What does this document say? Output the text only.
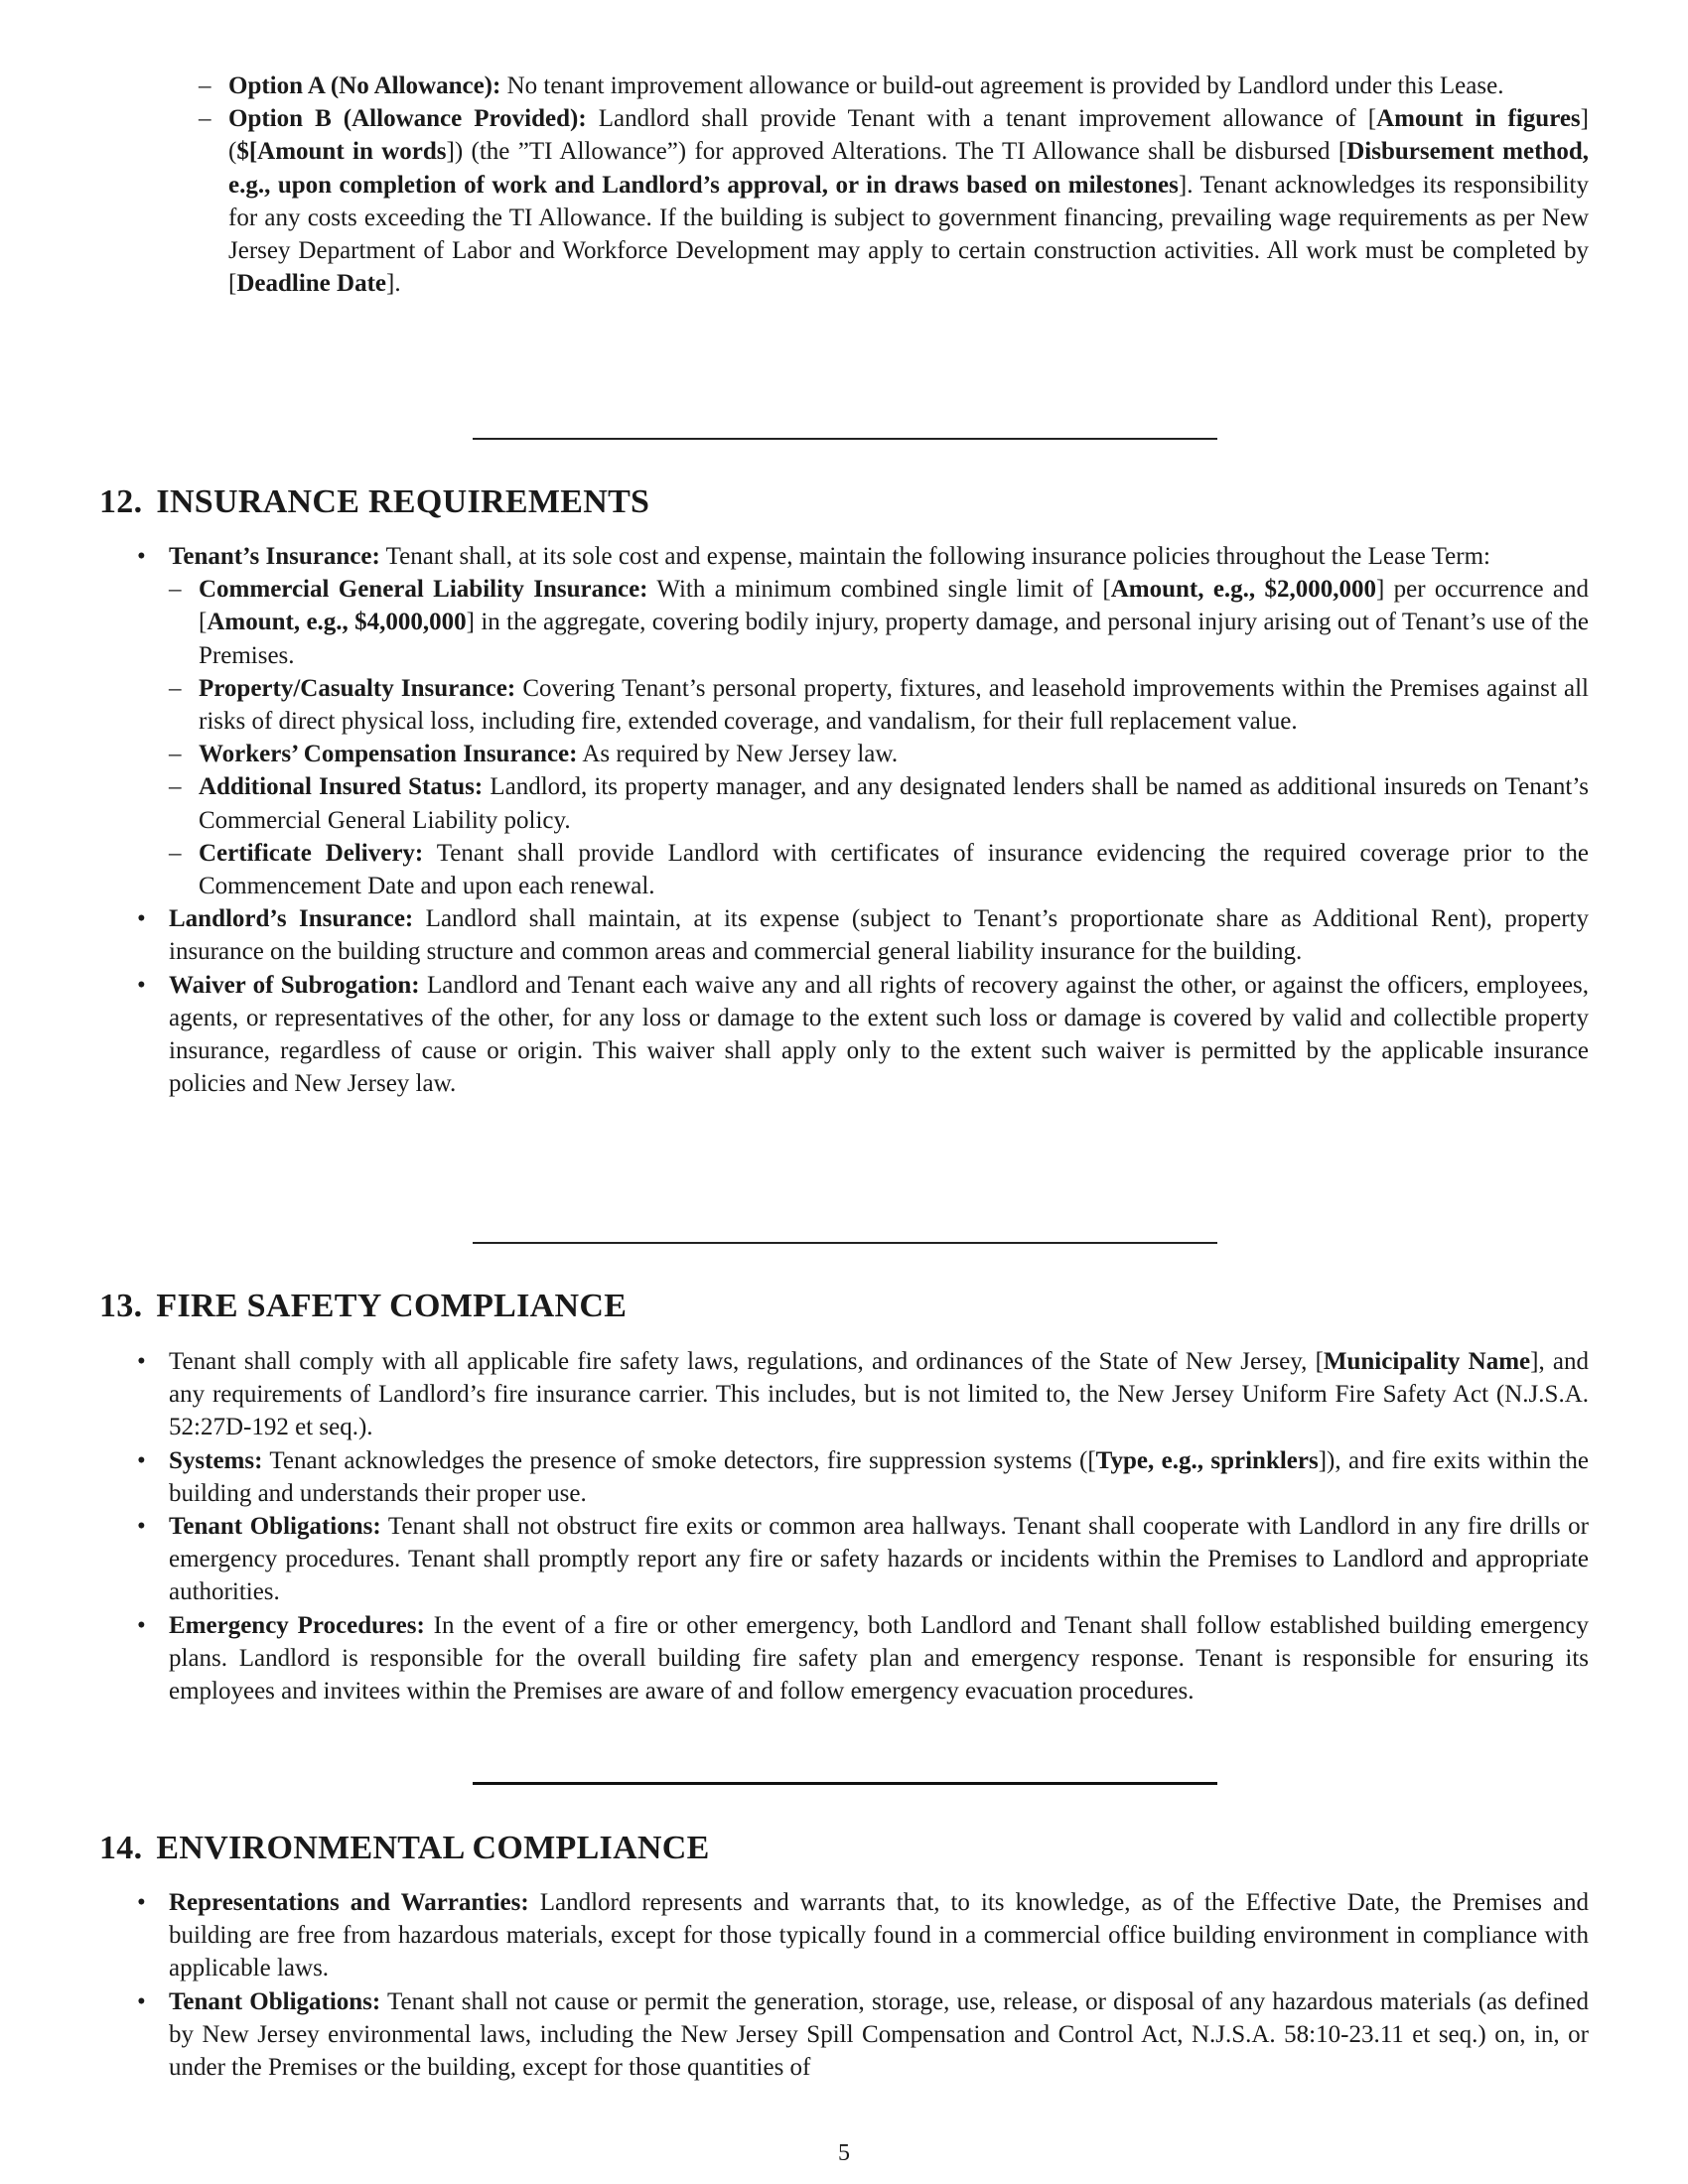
– Option A (No Allowance): No tenant improvement allowance or build-out agreement is provided by Landlord under this Lease.
– Option B (Allowance Provided): Landlord shall provide Tenant with a tenant improvement allowance of [Amount in figures] ($[Amount in words]) (the ”TI Allowance”) for approved Alterations. The TI Allowance shall be disbursed [Disbursement method, e.g., upon completion of work and Landlord’s approval, or in draws based on milestones]. Tenant acknowledges its responsibility for any costs exceeding the TI Allowance. If the building is subject to government financing, prevailing wage requirements as per New Jersey Department of Labor and Workforce Development may apply to certain construction activities. All work must be completed by [Deadline Date].
12. INSURANCE REQUIREMENTS
• Tenant’s Insurance: Tenant shall, at its sole cost and expense, maintain the following insurance policies throughout the Lease Term:
– Commercial General Liability Insurance: With a minimum combined single limit of [Amount, e.g., $2,000,000] per occurrence and [Amount, e.g., $4,000,000] in the aggregate, covering bodily injury, property damage, and personal injury arising out of Tenant’s use of the Premises.
– Property/Casualty Insurance: Covering Tenant’s personal property, fixtures, and leasehold improvements within the Premises against all risks of direct physical loss, including fire, extended coverage, and vandalism, for their full replacement value.
– Workers’ Compensation Insurance: As required by New Jersey law.
– Additional Insured Status: Landlord, its property manager, and any designated lenders shall be named as additional insureds on Tenant’s Commercial General Liability policy.
– Certificate Delivery: Tenant shall provide Landlord with certificates of insurance evidencing the required coverage prior to the Commencement Date and upon each renewal.
• Landlord’s Insurance: Landlord shall maintain, at its expense (subject to Tenant’s proportionate share as Additional Rent), property insurance on the building structure and common areas and commercial general liability insurance for the building.
• Waiver of Subrogation: Landlord and Tenant each waive any and all rights of recovery against the other, or against the officers, employees, agents, or representatives of the other, for any loss or damage to the extent such loss or damage is covered by valid and collectible property insurance, regardless of cause or origin. This waiver shall apply only to the extent such waiver is permitted by the applicable insurance policies and New Jersey law.
13. FIRE SAFETY COMPLIANCE
• Tenant shall comply with all applicable fire safety laws, regulations, and ordinances of the State of New Jersey, [Municipality Name], and any requirements of Landlord’s fire insurance carrier. This includes, but is not limited to, the New Jersey Uniform Fire Safety Act (N.J.S.A. 52:27D-192 et seq.).
• Systems: Tenant acknowledges the presence of smoke detectors, fire suppression systems ([Type, e.g., sprinklers]), and fire exits within the building and understands their proper use.
• Tenant Obligations: Tenant shall not obstruct fire exits or common area hallways. Tenant shall cooperate with Landlord in any fire drills or emergency procedures. Tenant shall promptly report any fire or safety hazards or incidents within the Premises to Landlord and appropriate authorities.
• Emergency Procedures: In the event of a fire or other emergency, both Landlord and Tenant shall follow established building emergency plans. Landlord is responsible for the overall building fire safety plan and emergency response. Tenant is responsible for ensuring its employees and invitees within the Premises are aware of and follow emergency evacuation procedures.
14. ENVIRONMENTAL COMPLIANCE
• Representations and Warranties: Landlord represents and warrants that, to its knowledge, as of the Effective Date, the Premises and building are free from hazardous materials, except for those typically found in a commercial office building environment in compliance with applicable laws.
• Tenant Obligations: Tenant shall not cause or permit the generation, storage, use, release, or disposal of any hazardous materials (as defined by New Jersey environmental laws, including the New Jersey Spill Compensation and Control Act, N.J.S.A. 58:10-23.11 et seq.) on, in, or under the Premises or the building, except for those quantities of
5
